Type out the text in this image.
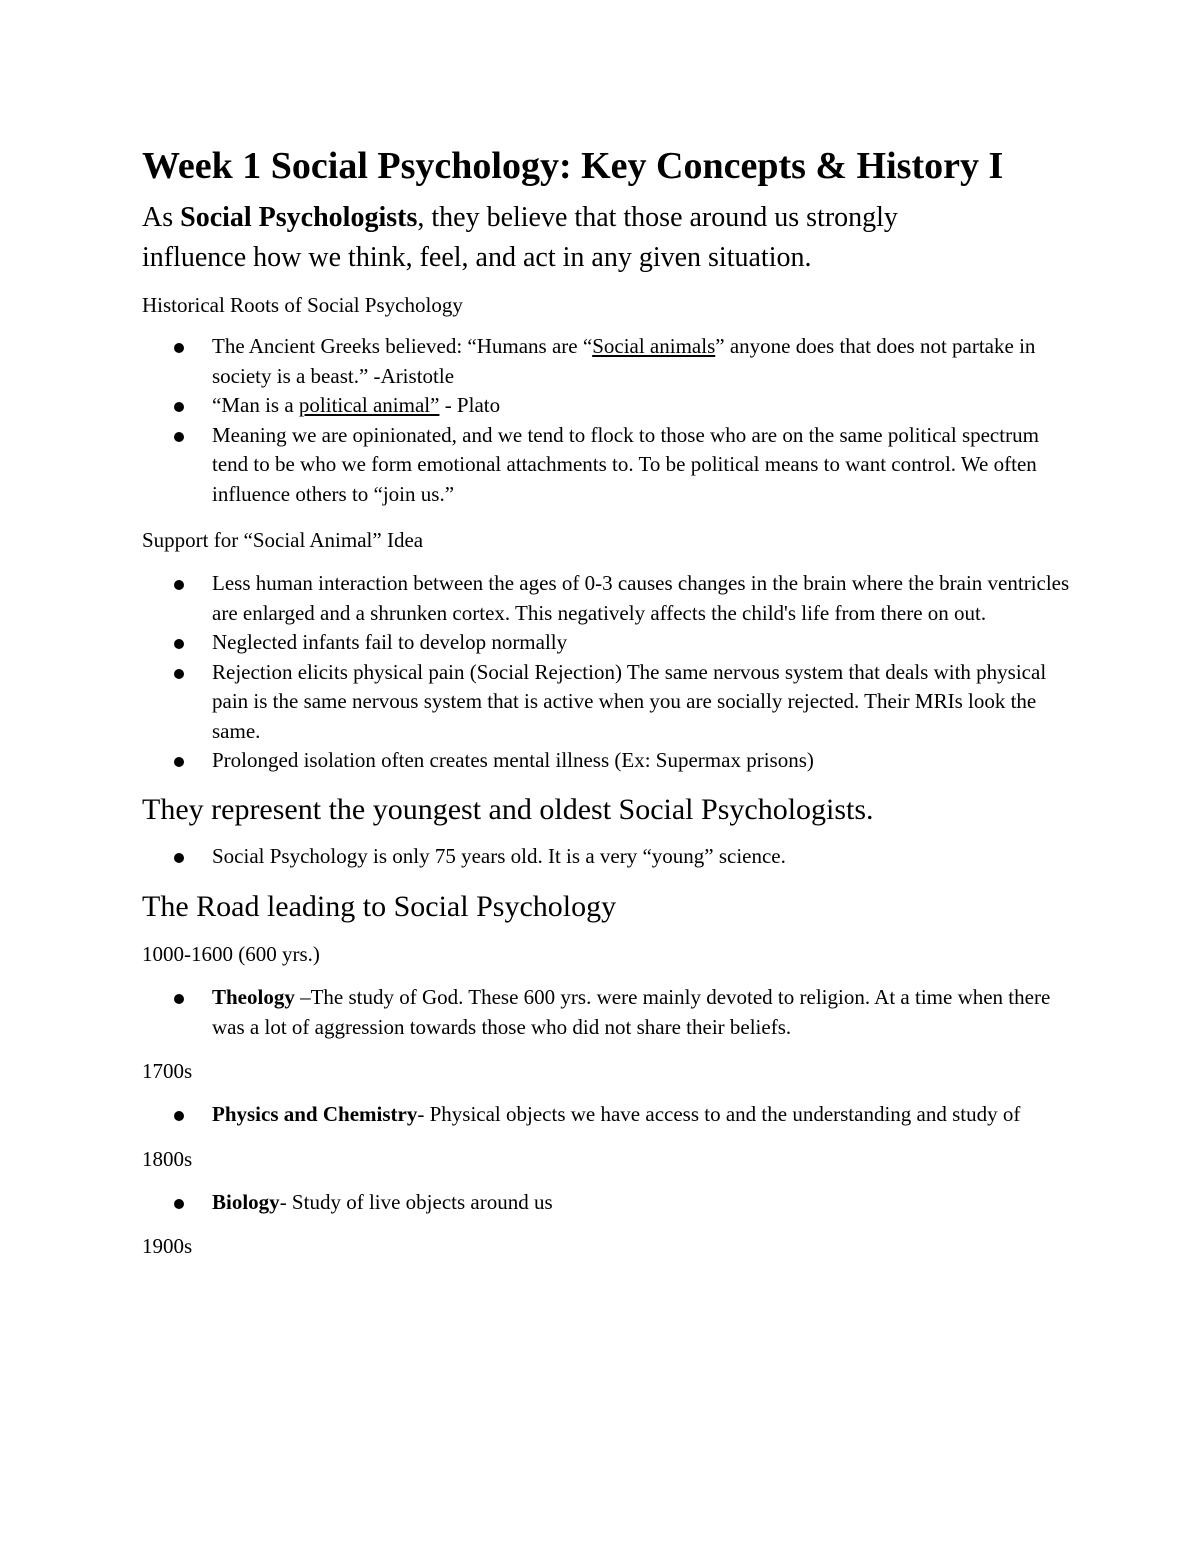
Week 1 Social Psychology: Key Concepts & History I
As Social Psychologists, they believe that those around us strongly
influence how we think, feel, and act in any given situation.
Historical Roots of Social Psychology
The Ancient Greeks believed: “Humans are “Social animals” anyone does that does not partake in society is a beast.” -Aristotle
“Man is a political animal” - Plato
Meaning we are opinionated, and we tend to flock to those who are on the same political spectrum tend to be who we form emotional attachments to. To be political means to want control. We often influence others to “join us.”
Support for “Social Animal” Idea
Less human interaction between the ages of 0-3 causes changes in the brain where the brain ventricles are enlarged and a shrunken cortex. This negatively affects the child's life from there on out.
Neglected infants fail to develop normally
Rejection elicits physical pain (Social Rejection) The same nervous system that deals with physical pain is the same nervous system that is active when you are socially rejected. Their MRIs look the same.
Prolonged isolation often creates mental illness (Ex: Supermax prisons)
They represent the youngest and oldest Social Psychologists.
Social Psychology is only 75 years old. It is a very “young” science.
The Road leading to Social Psychology
1000-1600 (600 yrs.)
Theology –The study of God. These 600 yrs. were mainly devoted to religion. At a time when there was a lot of aggression towards those who did not share their beliefs.
1700s
Physics and Chemistry- Physical objects we have access to and the understanding and study of
1800s
Biology- Study of live objects around us
1900s
